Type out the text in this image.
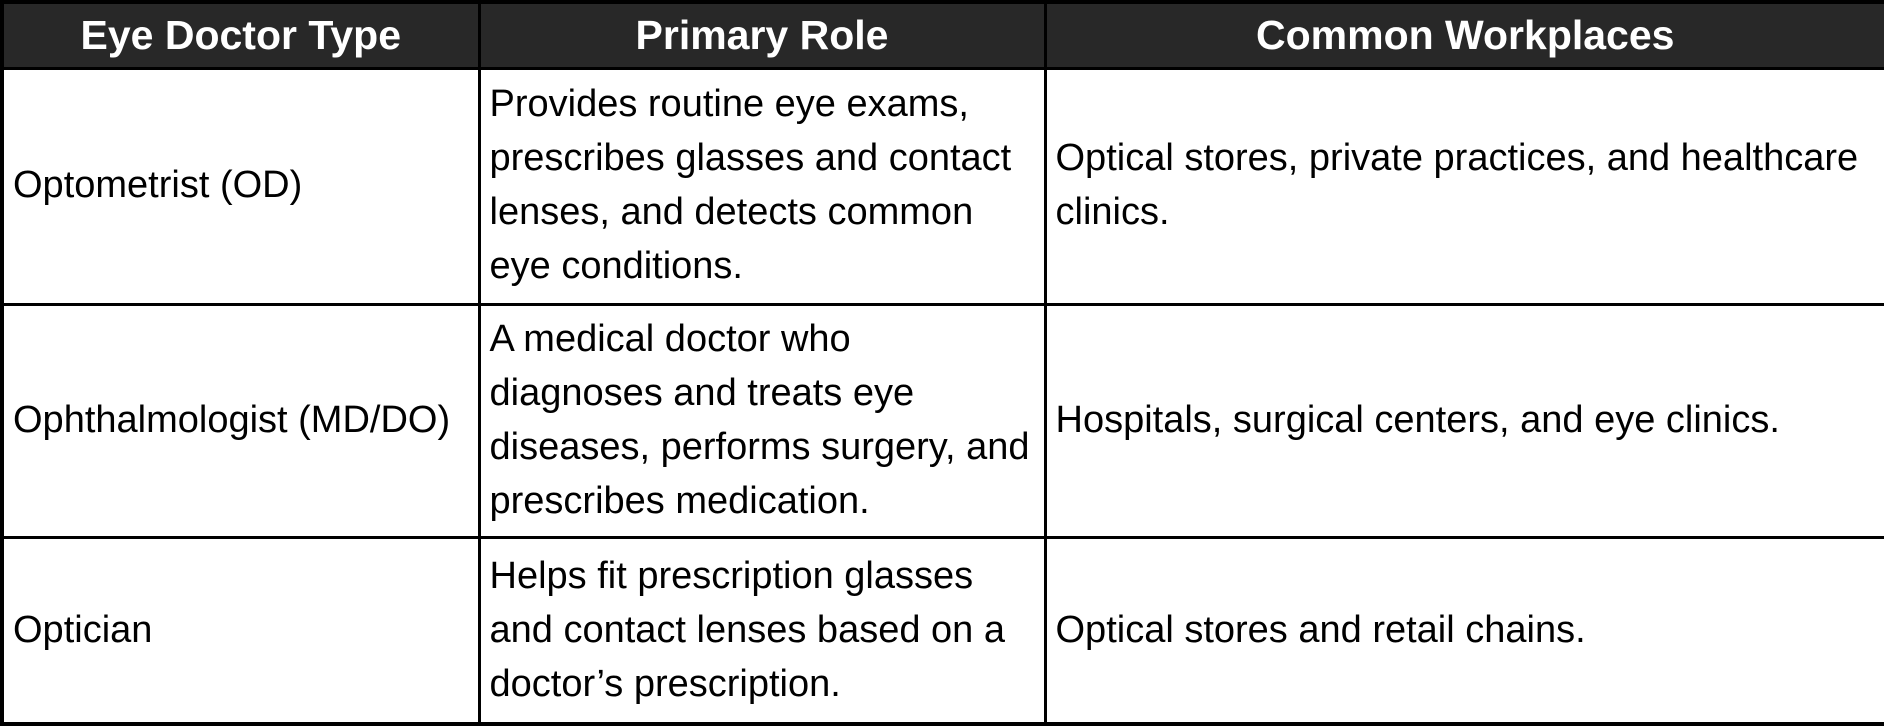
Eye Doctor Type	Primary Role	Common Workplaces
Optometrist (OD)	Provides routine eye exams, prescribes glasses and contact lenses, and detects common eye conditions.	Optical stores, private practices, and healthcare clinics.
Ophthalmologist (MD/DO)	A medical doctor who diagnoses and treats eye diseases, performs surgery, and prescribes medication.	Hospitals, surgical centers, and eye clinics.
Optician	Helps fit prescription glasses and contact lenses based on a doctor’s prescription.	Optical stores and retail chains.
